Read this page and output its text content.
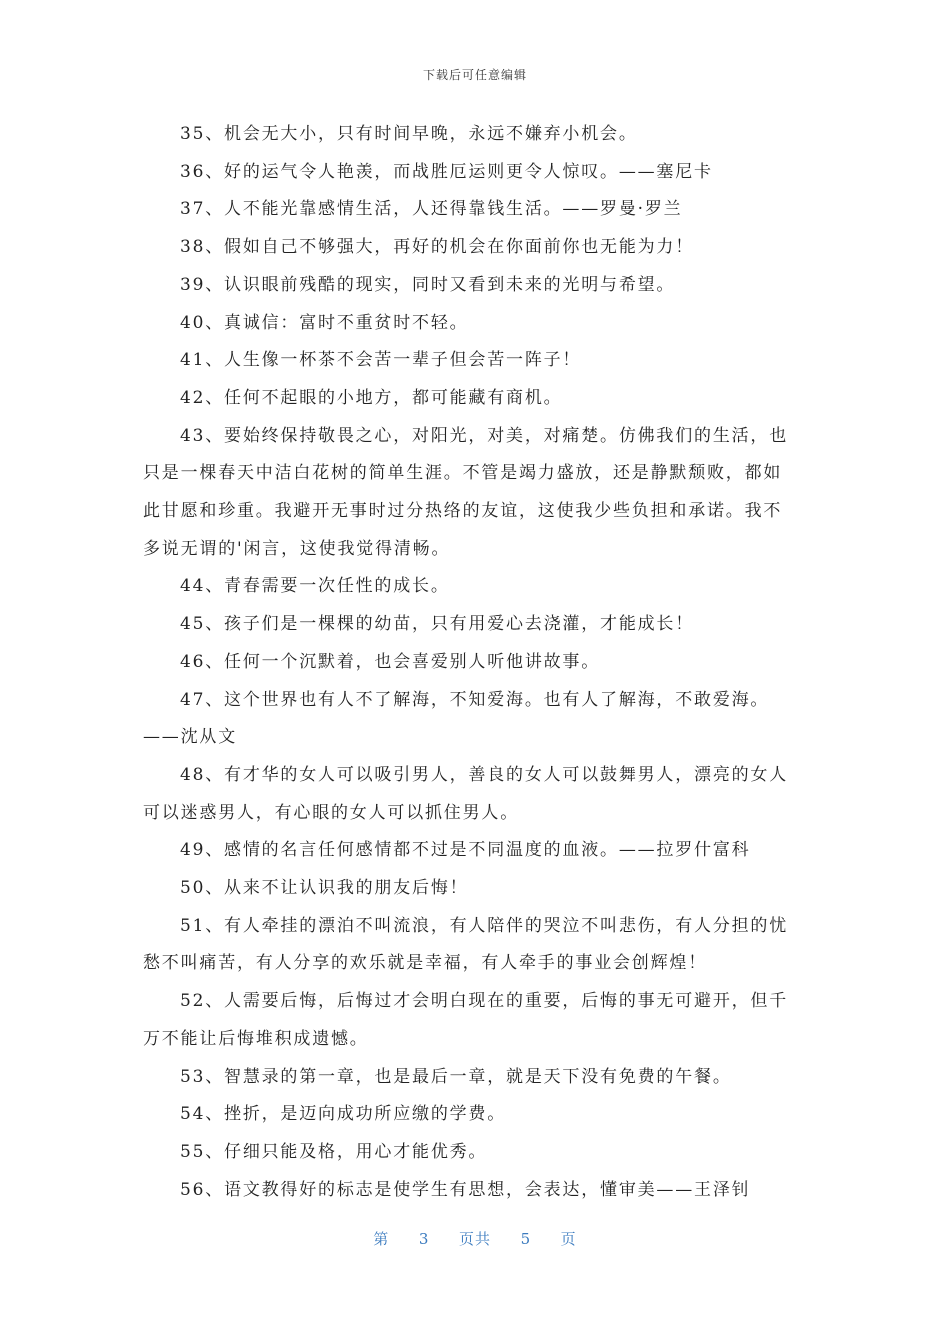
下载后可任意编辑

35、机会无大小，只有时间早晚，永远不嫌弃小机会。

36、好的运气令人艳羡，而战胜厄运则更令人惊叹。——塞尼卡

37、人不能光靠感情生活，人还得靠钱生活。——罗曼·罗兰

38、假如自己不够强大，再好的机会在你面前你也无能为力！

39、认识眼前残酷的现实，同时又看到未来的光明与希望。

40、真诚信：富时不重贫时不轻。

41、人生像一杯茶不会苦一辈子但会苦一阵子！

42、任何不起眼的小地方，都可能藏有商机。

43、要始终保持敬畏之心，对阳光，对美，对痛楚。仿佛我们的生活，也只是一棵春天中洁白花树的简单生涯。不管是竭力盛放，还是静默颓败，都如此甘愿和珍重。我避开无事时过分热络的友谊，这使我少些负担和承诺。我不多说无谓的'闲言，这使我觉得清畅。

44、青春需要一次任性的成长。

45、孩子们是一棵棵的幼苗，只有用爱心去浇灌，才能成长！

46、任何一个沉默着，也会喜爱别人听他讲故事。

47、这个世界也有人不了解海，不知爱海。也有人了解海，不敢爱海。——沈从文

48、有才华的女人可以吸引男人，善良的女人可以鼓舞男人，漂亮的女人可以迷惑男人，有心眼的女人可以抓住男人。

49、感情的名言任何感情都不过是不同温度的血液。——拉罗什富科

50、从来不让认识我的朋友后悔！

51、有人牵挂的漂泊不叫流浪，有人陪伴的哭泣不叫悲伤，有人分担的忧愁不叫痛苦，有人分享的欢乐就是幸福，有人牵手的事业会创辉煌！

52、人需要后悔，后悔过才会明白现在的重要，后悔的事无可避开，但千万不能让后悔堆积成遗憾。

53、智慧录的第一章，也是最后一章，就是天下没有免费的午餐。

54、挫折，是迈向成功所应缴的学费。

55、仔细只能及格，用心才能优秀。

56、语文教得好的标志是使学生有思想，会表达，懂审美——王泽钊

第 3 页共 5 页
